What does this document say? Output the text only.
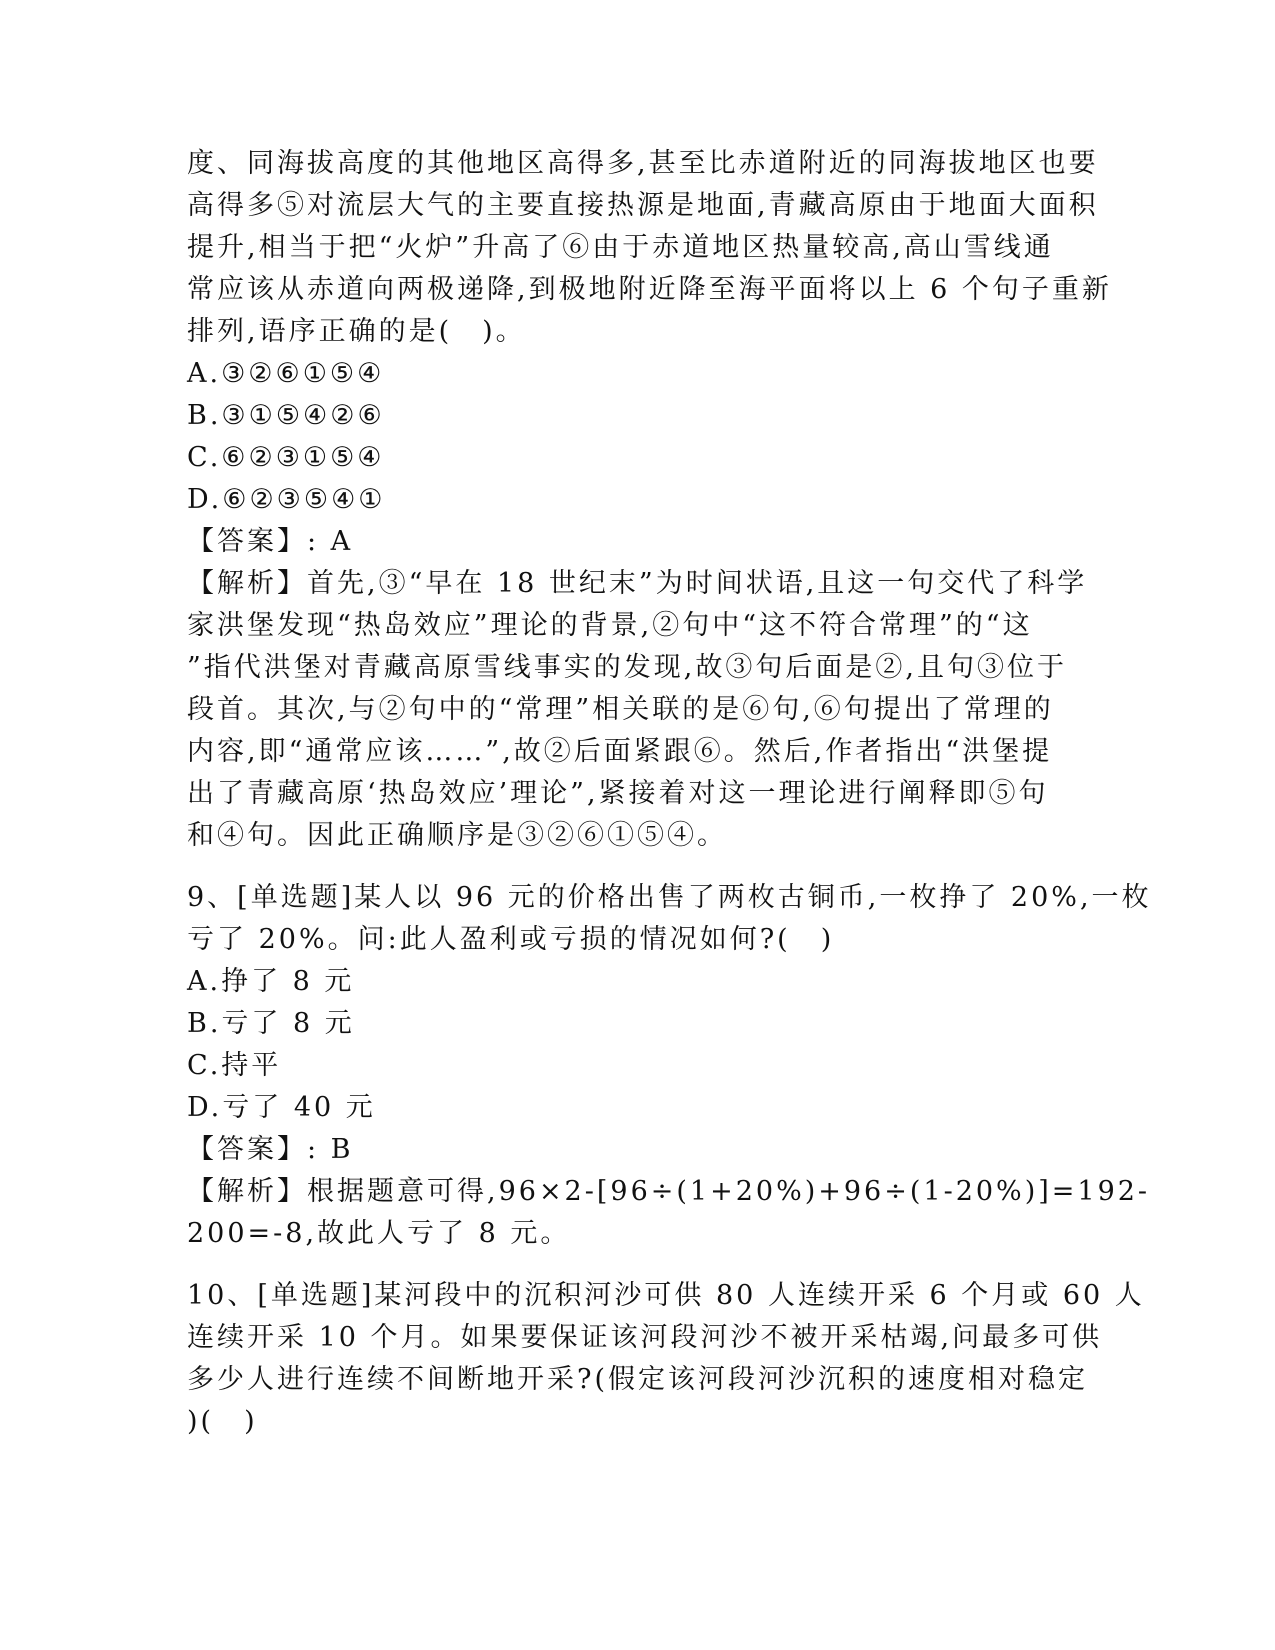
度、同海拔高度的其他地区高得多,甚至比赤道附近的同海拔地区也要
高得多⑤对流层大气的主要直接热源是地面,青藏高原由于地面大面积
提升,相当于把“火炉”升高了⑥由于赤道地区热量较高,高山雪线通
常应该从赤道向两极递降,到极地附近降至海平面将以上 6 个句子重新
排列,语序正确的是(　)。
A.③②⑥①⑤④
B.③①⑤④②⑥
C.⑥②③①⑤④
D.⑥②③⑤④①
【答案】: A
【解析】首先,③“早在 18 世纪末”为时间状语,且这一句交代了科学
家洪堡发现“热岛效应”理论的背景,②句中“这不符合常理”的“这
”指代洪堡对青藏高原雪线事实的发现,故③句后面是②,且句③位于
段首。其次,与②句中的“常理”相关联的是⑥句,⑥句提出了常理的
内容,即“通常应该……”,故②后面紧跟⑥。然后,作者指出“洪堡提
出了青藏高原‘热岛效应’理论”,紧接着对这一理论进行阐释即⑤句
和④句。因此正确顺序是③②⑥①⑤④。
9、[单选题]某人以 96 元的价格出售了两枚古铜币,一枚挣了 20%,一枚
亏了 20%。问:此人盈利或亏损的情况如何?(　)
A.挣了 8 元
B.亏了 8 元
C.持平
D.亏了 40 元
【答案】: B
【解析】根据题意可得,96×2-[96÷(1+20%)+96÷(1-20%)]=192-
200=-8,故此人亏了 8 元。
10、[单选题]某河段中的沉积河沙可供 80 人连续开采 6 个月或 60 人
连续开采 10 个月。如果要保证该河段河沙不被开采枯竭,问最多可供
多少人进行连续不间断地开采?(假定该河段河沙沉积的速度相对稳定
)(　)
